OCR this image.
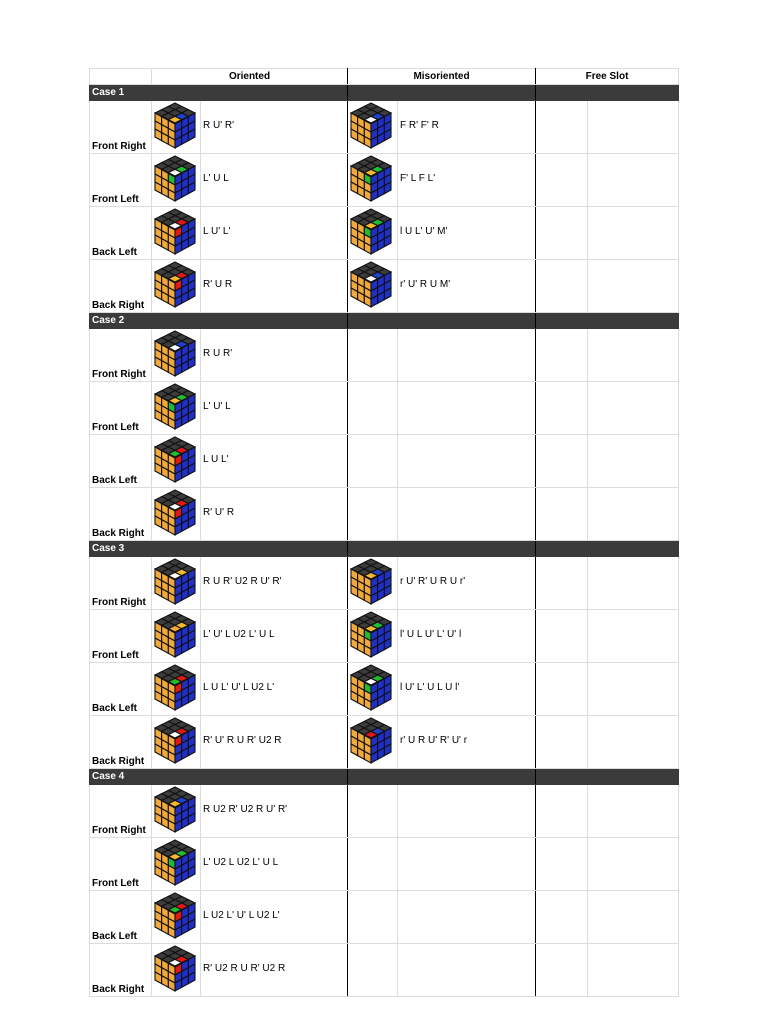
	Oriented		Misoriented		Free Slot	
Case 1						
Front Right		R U' R'		F R' F' R		
Front Left		L' U L		F' L F L'		
Back Left		L U' L'		l U L' U' M'		
Back Right		R' U R		r' U' R U M'		
Case 2						
Front Right		R U R'				
Front Left		L' U' L				
Back Left		L U L'				
Back Right		R' U' R				
Case 3						
Front Right		R U R' U2 R U' R'		r U' R' U R U r'		
Front Left		L' U' L U2 L' U L		l' U L U' L' U' l		
Back Left		L U L' U' L U2 L'		l U' L' U L U l'		
Back Right		R' U' R U R' U2 R		r' U R U' R' U' r		
Case 4						
Front Right		R U2 R' U2 R U' R'				
Front Left		L' U2 L U2 L' U L				
Back Left		L U2 L' U' L U2 L'				
Back Right		R' U2 R U R' U2 R				
